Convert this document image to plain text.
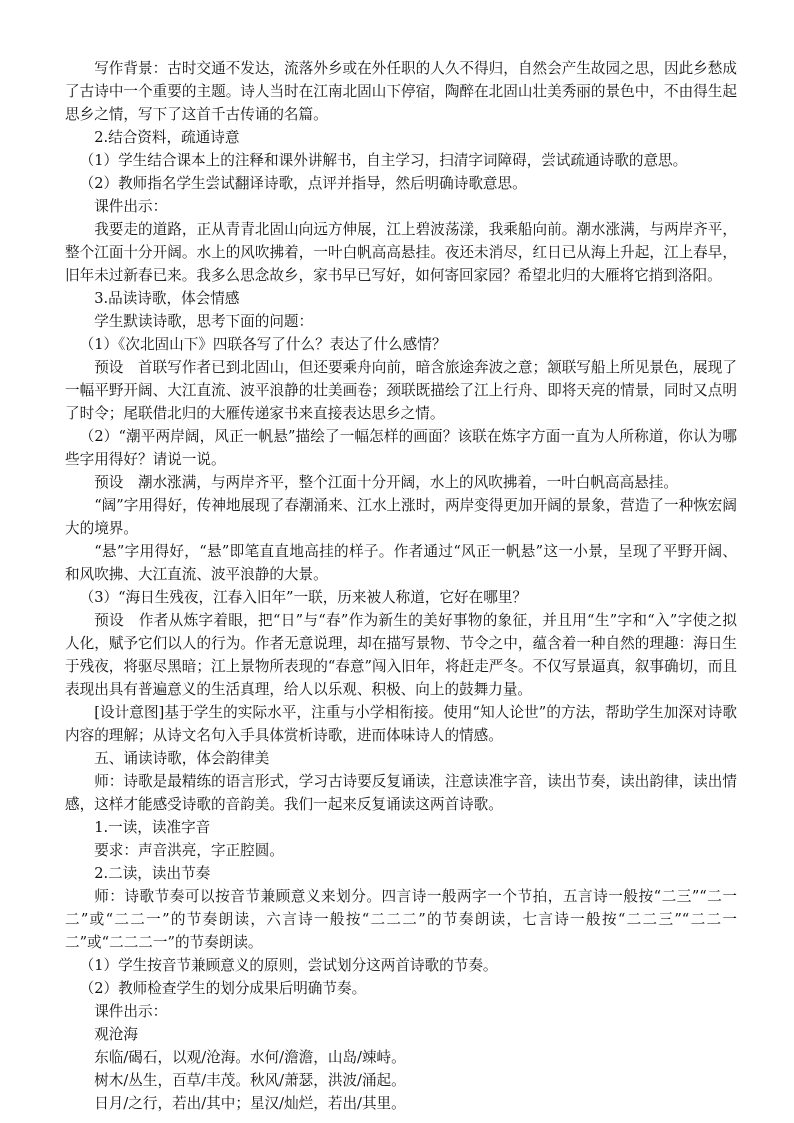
写作背景：古时交通不发达，流落外乡或在外任职的人久不得归，自然会产生故园之思，因此乡愁成了古诗中一个重要的主题。诗人当时在江南北固山下停宿，陶醉在北固山壮美秀丽的景色中，不由得生起思乡之情，写下了这首千古传诵的名篇。

2.结合资料，疏通诗意

（1）学生结合课本上的注释和课外讲解书，自主学习，扫清字词障碍，尝试疏通诗歌的意思。

（2）教师指名学生尝试翻译诗歌，点评并指导，然后明确诗歌意思。

课件出示：

我要走的道路，正从青青北固山向远方伸展，江上碧波荡漾，我乘船向前。潮水涨满，与两岸齐平，整个江面十分开阔。水上的风吹拂着，一叶白帆高高悬挂。夜还未消尽，红日已从海上升起，江上春早，旧年未过新春已来。我多么思念故乡，家书早已写好，如何寄回家园？希望北归的大雁将它捎到洛阳。

3.品读诗歌，体会情感

学生默读诗歌，思考下面的问题：

（1）《次北固山下》四联各写了什么？表达了什么感情？

预设　首联写作者已到北固山，但还要乘舟向前，暗含旅途奔波之意；颔联写船上所见景色，展现了一幅平野开阔、大江直流、波平浪静的壮美画卷；颈联既描绘了江上行舟、即将天亮的情景，同时又点明了时令；尾联借北归的大雁传递家书来直接表达思乡之情。

（2）“潮平两岸阔，风正一帆悬”描绘了一幅怎样的画面？该联在炼字方面一直为人所称道，你认为哪些字用得好？请说一说。

预设　潮水涨满，与两岸齐平，整个江面十分开阔，水上的风吹拂着，一叶白帆高高悬挂。

“阔”字用得好，传神地展现了春潮涌来、江水上涨时，两岸变得更加开阔的景象，营造了一种恢宏阔大的境界。

“悬”字用得好，“悬”即笔直直地高挂的样子。作者通过“风正一帆悬”这一小景，呈现了平野开阔、和风吹拂、大江直流、波平浪静的大景。

（3）“海日生残夜，江春入旧年”一联，历来被人称道，它好在哪里？

预设　作者从炼字着眼，把“日”与“春”作为新生的美好事物的象征，并且用“生”字和“入”字使之拟人化，赋予它们以人的行为。作者无意说理，却在描写景物、节令之中，蕴含着一种自然的理趣：海日生于残夜，将驱尽黑暗；江上景物所表现的“春意”闯入旧年，将赶走严冬。不仅写景逼真，叙事确切，而且表现出具有普遍意义的生活真理，给人以乐观、积极、向上的鼓舞力量。

[设计意图]基于学生的实际水平，注重与小学相衔接。使用“知人论世”的方法，帮助学生加深对诗歌内容的理解；从诗文名句入手具体赏析诗歌，进而体味诗人的情感。

五、诵读诗歌，体会韵律美

师：诗歌是最精练的语言形式，学习古诗要反复诵读，注意读准字音，读出节奏，读出韵律，读出情感，这样才能感受诗歌的音韵美。我们一起来反复诵读这两首诗歌。

1.一读，读准字音

要求：声音洪亮，字正腔圆。

2.二读，读出节奏

师：诗歌节奏可以按音节兼顾意义来划分。四言诗一般两字一个节拍，五言诗一般按“二三”“二一二”或“二二一”的节奏朗读，六言诗一般按“二二二”的节奏朗读，七言诗一般按“二二三”“二二一二”或“二二二一”的节奏朗读。

（1）学生按音节兼顾意义的原则，尝试划分这两首诗歌的节奏。

（2）教师检查学生的划分成果后明确节奏。

课件出示：

观沧海

东临/碣石，以观/沧海。水何/澹澹，山岛/竦峙。

树木/丛生，百草/丰茂。秋风/萧瑟，洪波/涌起。

日月/之行，若出/其中；星汉/灿烂，若出/其里。
